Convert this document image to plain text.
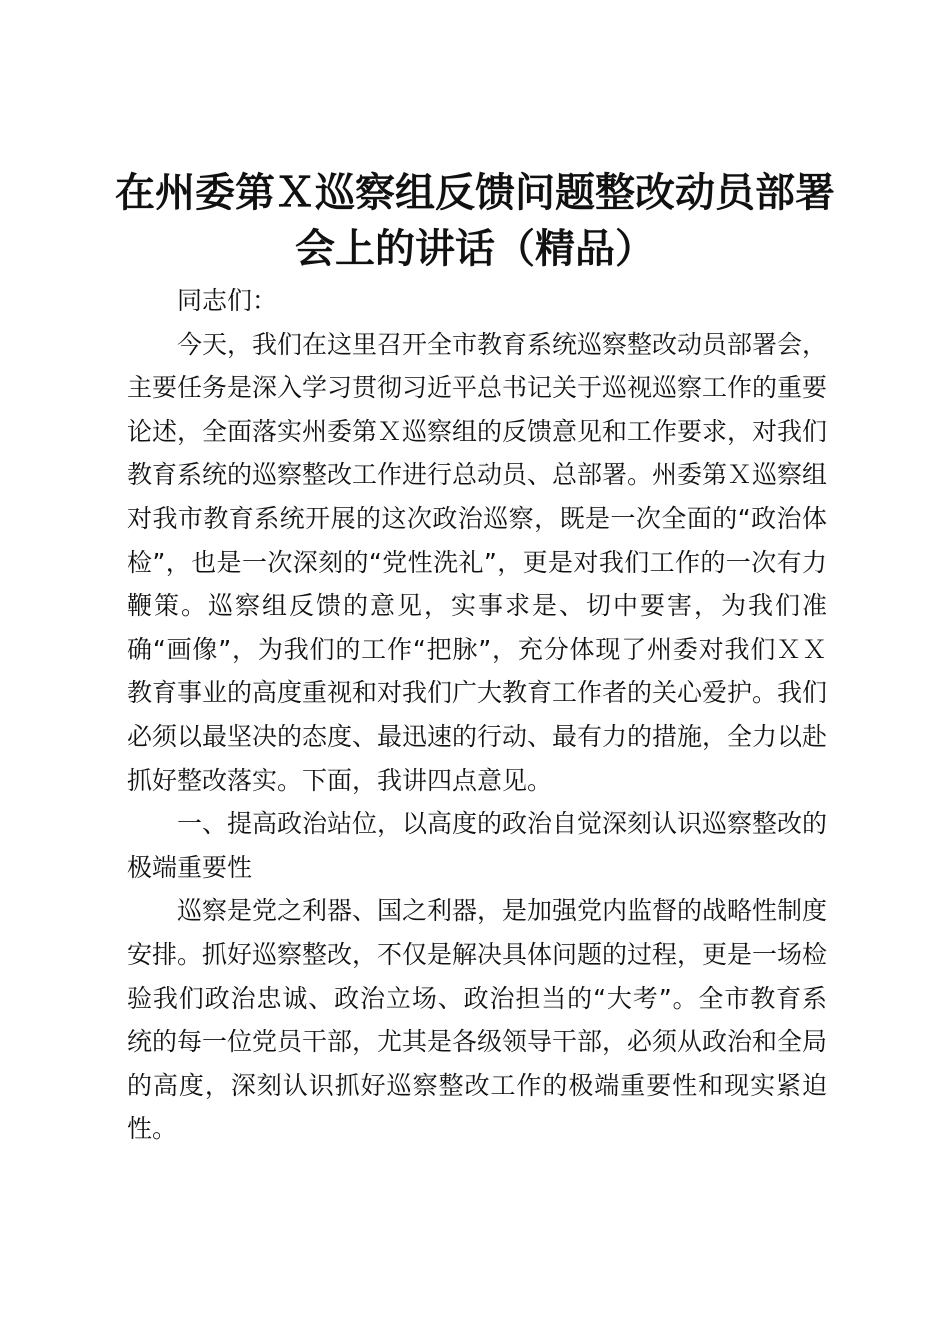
在州委第Ｘ巡察组反馈问题整改动员部署会上的讲话（精品）

同志们：

今天，我们在这里召开全市教育系统巡察整改动员部署会，主要任务是深入学习贯彻习近平总书记关于巡视巡察工作的重要论述，全面落实州委第Ｘ巡察组的反馈意见和工作要求，对我们教育系统的巡察整改工作进行总动员、总部署。州委第Ｘ巡察组对我市教育系统开展的这次政治巡察，既是一次全面的“政治体检”，也是一次深刻的“党性洗礼”，更是对我们工作的一次有力鞭策。巡察组反馈的意见，实事求是、切中要害，为我们准确“画像”，为我们的工作“把脉”，充分体现了州委对我们ＸＸ教育事业的高度重视和对我们广大教育工作者的关心爱护。我们必须以最坚决的态度、最迅速的行动、最有力的措施，全力以赴抓好整改落实。下面，我讲四点意见。

一、提高政治站位，以高度的政治自觉深刻认识巡察整改的极端重要性

巡察是党之利器、国之利器，是加强党内监督的战略性制度安排。抓好巡察整改，不仅是解决具体问题的过程，更是一场检验我们政治忠诚、政治立场、政治担当的“大考”。全市教育系统的每一位党员干部，尤其是各级领导干部，必须从政治和全局的高度，深刻认识抓好巡察整改工作的极端重要性和现实紧迫性。
